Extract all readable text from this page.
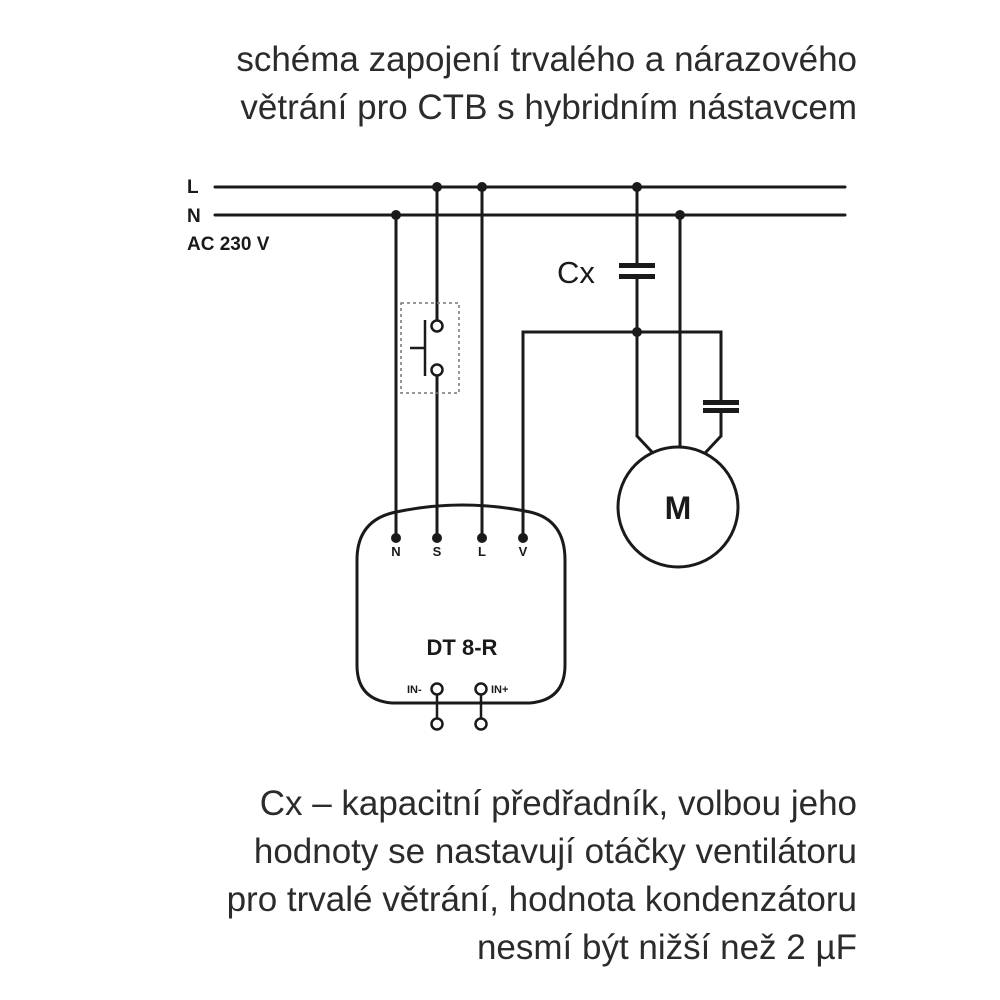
schéma zapojení trvalého a nárazového
větrání pro CTB s hybridním nástavcem
L
N
AC 230 V
Cx
M
N S	L	V
DT 8-R
IN-	IN+
Cx – kapacitní předřadník, volbou jeho
hodnoty se nastavují otáčky ventilátoru
pro trvalé větrání, hodnota kondenzátoru
nesmí být nižší než 2 µF
